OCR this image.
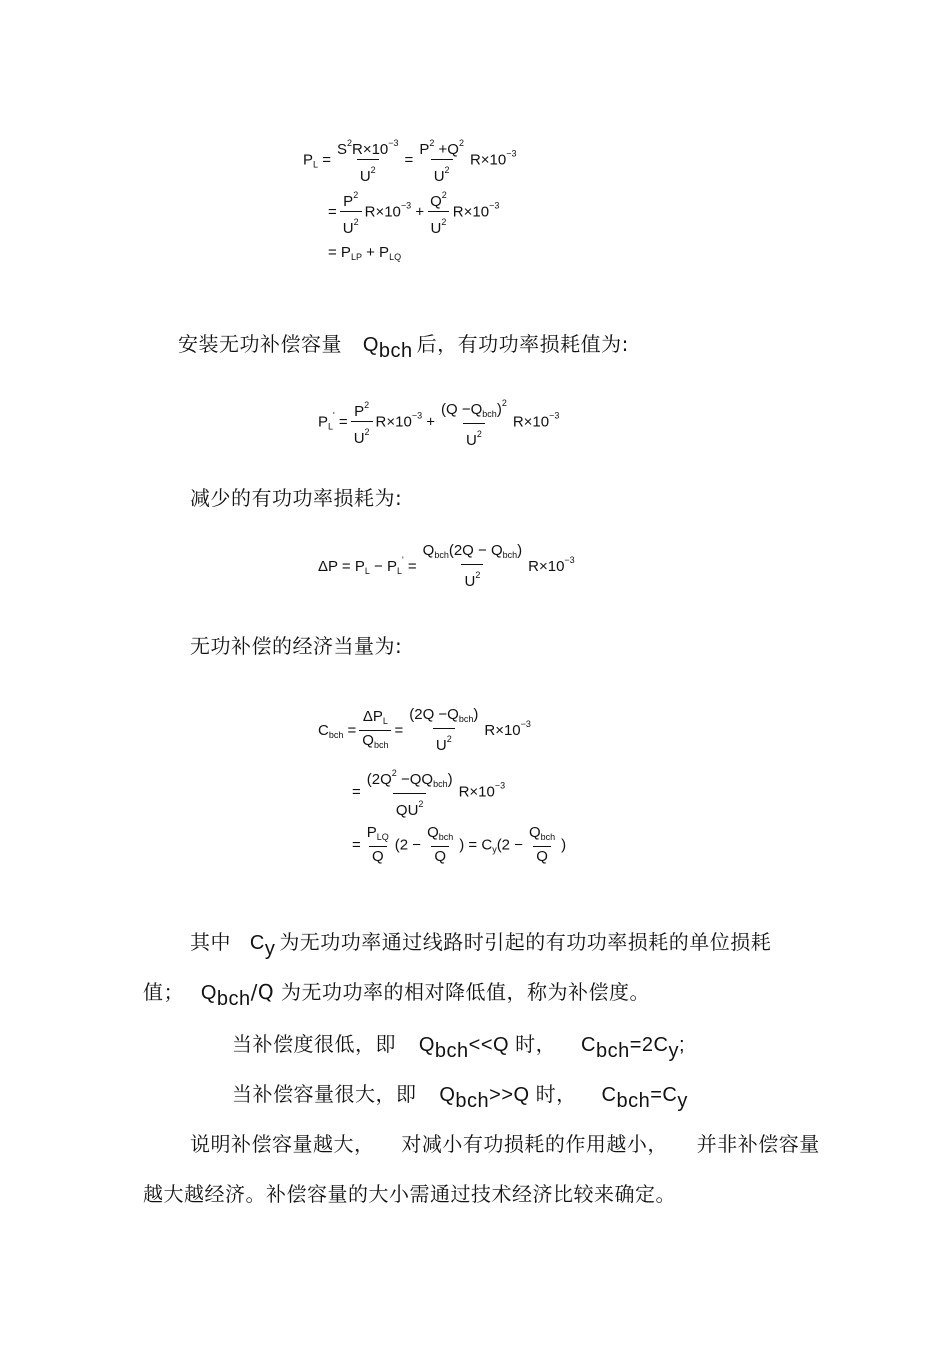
$P_L = \frac{S^2R\times 10^{-3}}{U^2} = \frac{P^2 +Q^2}{U^2} R\times 10^{-3}$
= $\frac{P^2}{U^2} R\times 10^{-3} + \frac{Q^2}{U^2} R\times 10^{-3}$
= $P_{LP} + P_{LQ}$
安装无功补偿容量 $Q_{bch}$ 后，有功功率损耗值为:
$P_L' = \frac{P^2}{U^2} R\times 10^{-3} + \frac{(Q -Q_{bch})^2}{U^2} R\times 10^{-3}$
减少的有功功率损耗为:
$\Delta P = P_L - P_L' = \frac{Q_{bch}(2Q - Q_{bch})}{U^2} R\times 10^{-3}$
无功补偿的经济当量为:
$C_{bch} = \frac{\Delta P_L}{Q_{bch}} = \frac{(2Q -Q_{bch})}{U^2} R\times 10^{-3}$
= $\frac{(2Q^2 -QQ_{bch})}{QU^2} R\times 10^{-3}$
= $\frac{P_{LQ}}{Q} (2 - \frac{Q_{bch}}{Q}$ ) = $C_y(2 - \frac{Q_{bch}}{Q}$ )
其中 $C_y$ 为无功功率通过线路时引起的有功功率损耗的单位损耗
值； $Q_{bch}/Q$ 为无功功率的相对降低值，称为补偿度。
当补偿度很低，即 $Q_{bch}<<Q$ 时， $C_{bch}=2C_y$;
当补偿容量很大，即 $Q_{bch}>>Q$ 时， $C_{bch}=C_y$
说明补偿容量越大， 对减小有功损耗的作用越小， 并非补偿容量
越大越经济。补偿容量的大小需通过技术经济比较来确定。
